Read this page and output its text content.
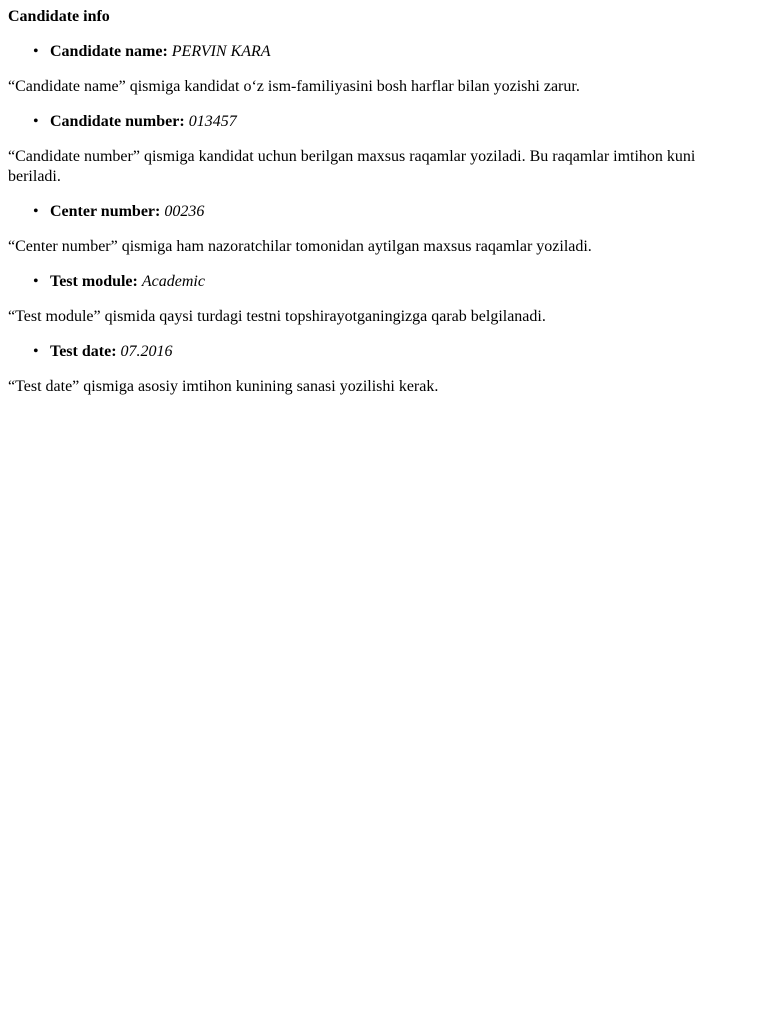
Candidate info
• Candidate name: PERVIN KARA

“Candidate name” qismiga kandidat o‘z ism-familiyasini bosh harflar bilan yozishi zarur.

• Candidate number: 013457

“Candidate number” qismiga kandidat uchun berilgan maxsus raqamlar yoziladi. Bu raqamlar imtihon kuni beriladi.

• Center number: 00236

“Center number” qismiga ham nazoratchilar tomonidan aytilgan maxsus raqamlar yoziladi.

• Test module: Academic

“Test module” qismida qaysi turdagi testni topshirayotganingizga qarab belgilanadi.

• Test date: 07.2016

“Test date” qismiga asosiy imtihon kunining sanasi yozilishi kerak.
